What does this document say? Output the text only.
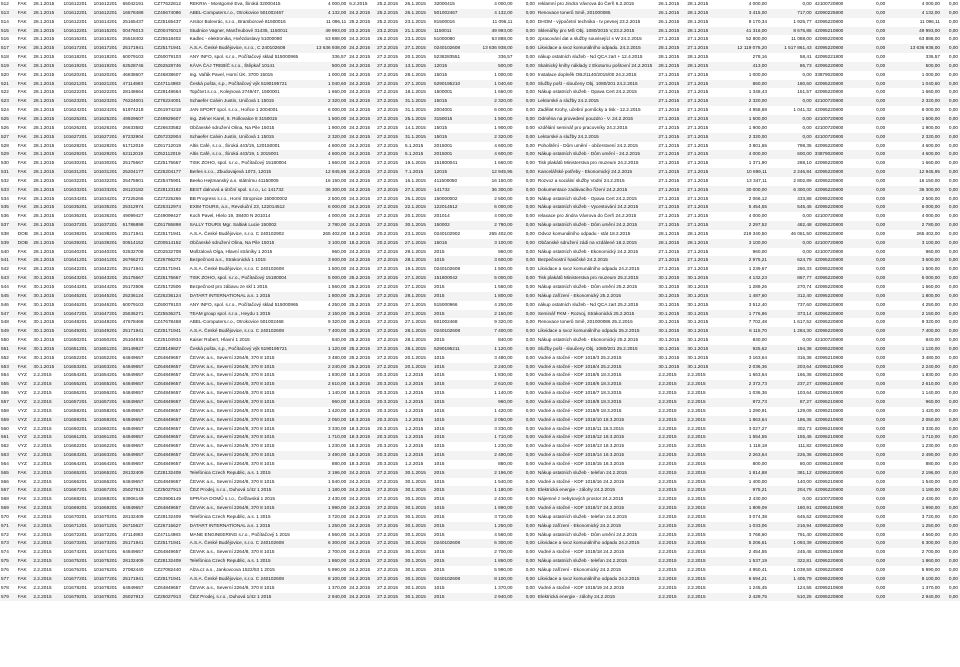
512	FAK	28.1.2015	101612201	101612201	65042191	CZ77622812	REKRIA - Montgomé Eva, Široká 32000415	4 000,00	6.2.2015	25.2.2015	26.1.2015	32000415	4 000,00	0,00	reklamní pro Jindra Vávrova do Čerň 6.2.2015	26.1.2015	28.1.2015	4 000,00	0,00	42100720800	0,00	4 000,00	0,00
513	FAK	28.1.2015	101612201	101612201	16578488	CZ45674086	ABEL-Computers.r.o., Otrokovice 501002467	4 132,00	24.2.2015	25.2.2015	26.1.2015	501002467	4 132,00	0,00	Renovace tonerů Smě, 201000085	26.1.2015	28.1.2015	3 415,00	717,00	42090225800	0,00	4 132,00	0,00
514	FAK	28.1.2015	101612201	101614201	25165437	CZ25165437	Arsitor Bolevrác, s.r.o., Bramborové 81500016	11 096,11	25.2.2015	25.2.2015	23.1.2015	81500016	11 096,11	0,00	DHOM - výpočetní technika - tv pevnej 23.2.2015	26.1.2015	28.1.2015	9 170,34	1 925,77	42095220800	0,00	11 096,11	0,00
515	FAK	28.1.2015	101612201	101615201	00476013	CZ00476013	Studnice Vagner, Manžnubové 31435, 1150011	49 993,00	23.2.2015	23.2.2015	21.1.2015	1150011	49 993,00	0,00	Sklenářky pro MŠ Obj. 1080/2015 V,23.2.2015	26.1.2015	28.1.2015	41 316,00	8 676,85	42095210800	0,00	49 993,00	0,00
516	FAK	28.1.2015	101616201	101616201	25518402	CZ25518402	Kadlec - elektronika, Hvězdoslavy 51000080	63 888,00	24.2.2015	26.2.2015	23.1.2015	51000080	63 888,00	0,00	zpracování dat a služby související s W 24.2.2015	27.1.2015	27.1.2015	52 800,00	11 088,00	42095220800	0,00	63 888,00	0,00
517	FAK	28.1.2015	101617201	101617201	25171941	CZ25171941	A.S.A. České Budějovice, s.r.o., C 240102608	13 636 938,00	24.2.2015	27.2.2015	27.1.2015	0240102608	13 636 938,00	0,00	Likvidace a svoz komunálního odpadu. 24.2.2015	28.1.2015	27.1.2015	12 119 076,20	1 517 861,43	42095220800	0,00	13 636 938,00	0,00
518	FAK	28.1.2015	101618201	101618201	60079103	CZ60079103	ANY INFO, spol. s.r.o., Počítačový sklad 515000965	336,57	24.2.2015	27.2.2015	20.1.2015	5238283551	336,57	0,00	nákup ostatních služeb - Nd QCA zart + 12.4.2015	28.1.2015	28.1.2015	278,16	58,41	42095221800	0,00	336,57	0,00
519	FAK	28.1.2015	101619201	101619201	62528746	CZ62528746	KÁVA ČAJ TREBÍČ s.r.o., Štěpkař 10141	500,00	24.2.2015	27.2.2015	13.1.2015	12015	500,00	0,00	Skalnický knihy náklady z Ekoturnu poštovní 24.2.2015	28.1.2015	28.1.2015	413,00	86,73	42095220800	0,00	500,00	0,00
520	FAK	28.1.2015	101620201	101620201	46838607	CZ46838607	Ing. Vařák Pavel, Horní ÚK. 3700 15015	1 000,00	24.2.2015	27.2.2015	28.1.2015	15015	1 000,00	0,00	Instalace doplněk OBJ/1140/2015/00 24.2.2015	27.1.2015	27.1.2015	1 000,00	0,00	33879020800	0,00	1 000,00	0,00
521	FAK	28.1.2015	101621201	101621201	47114983	CZ47114983	Česká pošta, s.p., Počítačový výk 5190195721	1 040,60	24.2.2015	27.2.2015	27.1.2015	5290195210	1 040,60	0,00	Služby pošt - sloučeny Obj. 1080/201 24.2.2015	27.1.2015	27.1.2015	860,00	180,60	42095220800	0,00	1 040,60	0,00
522	FAK	28.1.2015	101622201	101622201	28148664	CZ28148664	Topčtvrt.s.r.o., Kolejnova 2749/47, 1500001	1 660,00	24.2.2015	27.2.2015	18.1.2015	1500001	1 660,00	0,00	Nákup ostatních služeb - Opava Cert 24.2.2015	27.1.2015	27.1.2015	1 348,43	151,57	42095220800	0,00	1 660,00	0,00
523	FAK	28.1.2015	101623201	101623201	76224001	CZ76224001	Schaefer Calvin Justin, Uničová 1 15015	2 320,00	24.2.2015	27.2.2015	31.1.2015	15015	2 320,00	0,00	Lektorské a služby 24.2.2015	27.1.2015	27.1.2015	2 320,00	0,00	42100720800	0,00	2 320,00	0,00
524	FAK	28.1.2015	101624201	101624201	61974218	CZ61974218	JAN SPORT spol. s.r.o., Hořice 1 2004001	6 000,00	24.2.2015	27.2.2015	31.1.2015	2004001	6 000,00	0,00	Zadělat Krohy, učební pomůcky a tisk - 12.2.2015	27.1.2015	27.1.2015	4 958,68	1 041,32	42095220800	0,00	6 000,00	0,00
525	FAK	28.1.2015	101625201	101625201	49929607	CZ49929607	Ing. Zelner Karel, 8. Rollovalce 8 3150015	1 500,00	24.2.2015	27.2.2015	25.1.2015	3150015	1 500,00	0,00	Odměna na provedení pouzdro - V. 24.2.2015	27.1.2015	27.1.2015	1 500,00	0,00	42100720800	0,00	1 500,00	0,00
526	FAK	28.1.2015	101626201	101626201	26633582	CZ26633582	Občanské sdružení Olina, Na Pile 15015	1 900,00	24.2.2015	27.2.2015	14.1.2015	15015	1 900,00	0,00	vzdělání seminář pro pracovníky 24.2.2015	27.1.2015	27.1.2015	1 900,00	0,00	42100720800	0,00	1 900,00	0,00
527	FAK	28.1.2015	101627201	101627201	67232904	CZ67232904	Schaefer Calvin Justin, Uničová 1 15015	2 320,00	24.2.2015	27.2.2015	31.1.2015	15015	2 320,00	0,00	Lektorské a služby 24.2.2015	27.1.2015	27.1.2015	2 320,00	0,00	42100720800	0,00	2 320,00	0,00
528	FAK	28.1.2015	101628201	101628201	61712019	CZ61712019	Altis Café, s.r.o., Široká 443/19, 120150001	4 600,00	24.2.2015	27.2.2015	5.1.2015	2015001	4 600,00	0,00	Pohoštění - Dům umění - občerstvení 24.2.2015	27.1.2015	27.1.2015	3 801,65	798,35	42095220800	0,00	4 600,00	0,00
529	FAK	28.1.2015	101629201	101629201	62112019	CZ62112019	Altis Café, s.r.o., Široká 443/19, 1 2015001	4 600,00	24.2.2015	27.2.2015	5.1.2015	2015001	4 600,00	0,00	Nákup ostatních služeb - Dům umění - 24.2.2015	27.1.2015	27.1.2015	4 000,00	600,00	33879020800	0,00	4 600,00	0,00
530	FAK	28.1.2015	101630201	101630201	25175667	CZ25175667	TISK ZOHO, spol. s.r.o., Počítačový 15180004	1 660,00	24.2.2015	27.2.2015	19.1.2015	151800041	1 660,00	0,00	Tisk plakátů Ministerstva pro muzeum 24.2.2015	27.1.2015	27.1.2015	1 371,90	288,10	42095220800	0,00	1 660,00	0,00
531	FAK	28.1.2015	101631201	101631201	25204177	CZ25204177	Berles s.r.o., Zbudovajevá 1073, 12015	12 945,95	24.2.2015	27.2.2015	7.1.2015	12015	12 945,95	0,00	Kancelářské potřeby - Ekonomický 24.2.2015	27.1.2015	27.1.2015	10 699,11	2 246,84	42095220800	0,00	12 945,95	0,00
532	FAK	28.1.2015	101632201	101632201	25475901	CZ25475901	Beeko Hejtmanský a.s. státnímu 41150005	16 150,00	24.2.2015	27.2.2015	16.1.2015	411500050	16 150,00	0,00	Rozvoz a sociální služby Vodní 24.2.2015	27.1.2015	27.1.2015	13 347,11	2 802,89	42095220800	0,00	16 150,00	0,00
533	FAK	28.1.2015	101633201	101633201	28123182	CZ28123182	BEST dalnová a útrční spol. s.r.o., Lc 141732	36 300,00	24.2.2015	27.2.2015	27.1.2015	141732	36 300,00	0,00	Dokumentace zadávacího řízení 24.2.2015	27.1.2015	27.1.2015	30 000,00	6 300,00	42095220800	0,00	36 300,00	0,00
534	FAK	28.1.2015	101634201	101634201	27225266	CZ27225266	BB Progress s.r.o., Horní Stropnice 150000002	2 500,00	24.2.2015	27.2.2015	26.1.2015	150000002	2 500,00	0,00	Nákup ostatních služeb - Opava Cert 24.2.2015	27.1.2015	27.1.2015	2 066,12	433,88	42095220800	0,00	2 500,00	0,00
535	FAK	28.1.2015	101635201	101635201	25312974	CZ25312974	EXIM TOURS, a.s., Revoluční 23, 122014512	6 000,00	24.2.2015	27.2.2015	22.1.2015	122014512	6 000,00	0,00	Nákup ostatních služeb - Vycestování 24.2.2015	27.1.2015	27.1.2015	5 454,55	545,45	42095220800	0,00	6 000,00	0,00
536	FAK	28.1.2015	101636201	101636201	49099427	CZ49099427	Koch Pavel, Hlelo 19, 38400 N 201014	4 000,00	24.2.2015	27.2.2015	20.1.2015	201014	4 000,00	0,00	relaxace pro Jindra Vávrova do Čerň 24.2.2015	27.1.2015	27.1.2015	4 000,00	0,00	42100720800	0,00	4 000,00	0,00
537	FAK	28.1.2015	101637201	101637201	61786898	CZ61786898	SALLY TOURS Mgr. Saltiak Lucie 150002	2 780,00	24.2.2015	27.2.2015	30.1.2015	150002	2 780,00	0,00	Nákup ostatních služeb - Dům umění 24.2.2015	27.1.2015	27.1.2015	2 297,52	482,48	42095220800	0,00	2 780,00	0,00
538	DOB	28.1.2015	101638201	101638201	25171941	CZ25171941	A.S.A. České Budějovice, s.r.o. C 240102902	265 402,00	18.2.2015	20.2.2015	23.1.2015	0240102902	265 402,00	0,00	Odvoz komunálního odpadu - stát 18.2.2015	28.1.2015	28.1.2015	219 340,50	46 061,50	42095220800	0,00	265 402,00	0,00
539	DOB	28.1.2015	101639201	101639201	00514152	CZ00514152	Občanské sdružení Olina, Na Pile 15015	3 100,00	18.2.2015	20.2.2015	27.1.2015	15015	3 100,00	0,00	Občanské sdružení zádi na vzdálené 18.2.2015	28.1.2015	28.1.2015	3 100,00	0,00	42100720800	0,00	3 100,00	0,00
540	FAK	28.1.2015	101640201	101640201	02532708	CZ02532708	Mollzalová Olga, Hlavní stráníky 1 2015	960,00	24.2.2015	27.2.2015	29.1.2015	2015	960,00	0,00	Nákup ostatních služeb - Ekonomický 24.2.2015	27.1.2015	27.1.2015	960,00	0,00	42100720800	0,00	960,00	0,00
541	FAK	28.1.2015	101641201	101641201	26766272	CZ26766272	Bezpečnost a.s., Strakonická 1 1015	3 600,00	24.2.2015	27.2.2015	28.1.2015	1015	3 600,00	0,00	Bezpečnostní hasičské 24.2.2015	27.1.2015	27.1.2015	2 975,21	624,79	42095220800	0,00	3 600,00	0,00
542	FAK	28.1.2015	101642201	101642201	25171941	CZ25171941	A.S.A. České Budějovice, s.r.o. C 240102608	1 500,00	24.2.2015	27.2.2015	19.1.2015	0240102608	1 500,00	0,00	Likvidace a svoz komunálního odpadu 24.2.2015	27.1.2015	27.1.2015	1 239,67	260,33	42095220800	0,00	1 500,00	0,00
543	FAK	30.1.2015	101643201	101643201	25175667	CZ25175667	TISK ZOHO, spol. s.r.o., Počítačový 15180004	5 000,00	25.2.2015	27.2.2015	27.1.2015	151800042	5 000,00	0,00	Tisk plakátů Ministerstva pro muzeum 25.2.2015	30.1.2015	30.1.2015	4 132,23	867,77	42095220800	0,00	5 000,00	0,00
544	FAK	30.1.2015	101644201	101644201	25172506	CZ25172506	Bezpečnost pro zábavu ze skl 1 2015	1 560,00	25.2.2015	27.2.2015	27.1.2015	2015	1 560,00	0,00	Nákup ostatních služeb - Dům umění 25.2.2015	30.1.2015	30.1.2015	1 289,26	270,74	42095220800	0,00	1 560,00	0,00
545	FAK	30.1.2015	101645201	101645201	25236124	CZ25236124	DATART INTERNATIONAL a.s. 1 2015	1 800,00	25.2.2015	27.2.2015	28.1.2015	2015	1 800,00	0,00	Nákup zařízení - Ekonomický 25.2.2015	30.1.2015	30.1.2015	1 487,60	312,40	42095220800	0,00	1 800,00	0,00
546	FAK	30.1.2015	101646201	101646201	60079103	CZ60079103	ANY INFO, spol. s.r.o., Počítačový sklad 515000965	4 250,00	25.2.2015	27.2.2015	27.1.2015	515000966	4 250,00	0,00	nákup ostatních služeb - Nd QCA zart 25.2.2015	30.1.2015	30.1.2015	3 512,40	737,60	42095220800	0,00	4 250,00	0,00
547	FAK	30.1.2015	101647201	101647201	25536271	CZ25536271	TEAM group spol. s.r.o., Heydu 1 2015	2 150,00	25.2.2015	27.2.2015	27.1.2015	2015	2 150,00	0,00	Seminář FKM - Rozvoj, Strakonická 25.2.2015	30.1.2015	30.1.2015	1 776,86	373,14	42095220800	0,00	2 150,00	0,00
548	FAK	30.1.2015	101648201	101648201	47678468	CZ47678468	ABEL-Computers.r.o., Otrokovice 501002468	9 320,00	25.2.2015	27.2.2015	27.1.2015	501002468	9 320,00	0,00	Renovace tonerů Smě, 201000086 25.2.2015	30.1.2015	30.1.2015	7 702,48	1 617,52	42095220800	0,00	9 320,00	0,00
549	FAK	30.1.2015	101649201	101649201	25171941	CZ25171941	A.S.A. České Budějovice, s.r.o. C 240102608	7 400,00	25.2.2015	27.2.2015	28.1.2015	0240102608	7 400,00	0,00	Likvidace a svoz komunálního odpadu 25.2.2015	30.1.2015	30.1.2015	6 115,70	1 284,30	42095220800	0,00	7 400,00	0,00
550	FAK	30.1.2015	101650201	101650201	25104934	CZ25104934	Kaiser Robert, Hlavní 1 2015	840,00	25.2.2015	27.2.2015	28.1.2015	2015	840,00	0,00	Nákup ostatních služeb - Ekonomický 25.2.2015	30.1.2015	30.1.2015	840,00	0,00	42100720800	0,00	840,00	0,00
551	FAK	30.1.2015	101651201	101651201	28149827	CZ28149827	Česká pošta, s.p., Počítačový výk 5190195721	1 120,00	25.2.2015	27.2.2015	28.1.2015	5290195211	1 120,00	0,00	Služby pošt - sloučeny Obj. 1080/201 25.2.2015	30.1.2015	30.1.2015	925,62	194,38	42095220800	0,00	1 120,00	0,00
552	FAK	30.1.2015	101652201	101652201	64849657	CZ64849657	ČEVAK a.s., Severní 2264/8, 370 8 1015	3 480,00	25.2.2015	27.2.2015	20.1.2015	1015	3 480,00	0,00	Vodné a stočné - KDF 1018/3 25.2.2015	30.1.2015	30.1.2015	3 163,64	316,36	42095210800	0,00	3 480,00	0,00
553	FAK	30.1.2015	101653201	101653201	64849657	CZ64849657	ČEVAK a.s., Severní 2264/8, 370 8 1015	2 240,00	25.2.2015	27.2.2015	20.1.2015	1015	2 240,00	0,00	Vodné a stočné - KDF 1018/4 25.2.2015	30.1.2015	30.1.2015	2 036,36	203,64	42095210800	0,00	2 240,00	0,00
554	VYZ	2.2.2015	101654201	101654201	64849657	CZ64849657	ČEVAK a.s., Severní 2264/8, 370 8 1015	1 830,00	18.3.2015	20.3.2015	1.2.2015	1015	1 830,00	0,00	Vodné a stočné - KDF 1018/5 18.3.2015	2.2.2015	2.2.2015	1 663,64	166,36	42095210800	0,00	1 830,00	0,00
555	VYZ	2.2.2015	101655201	101655201	64849657	CZ64849657	ČEVAK a.s., Severní 2264/8, 370 8 1015	2 610,00	18.3.2015	20.3.2015	1.2.2015	1015	2 610,00	0,00	Vodné a stočné - KDF 1018/6 18.3.2015	2.2.2015	2.2.2015	2 372,73	237,27	42095210800	0,00	2 610,00	0,00
556	VYZ	2.2.2015	101656201	101656201	64849657	CZ64849657	ČEVAK a.s., Severní 2264/8, 370 8 1015	1 140,00	18.3.2015	20.3.2015	1.2.2015	1015	1 140,00	0,00	Vodné a stočné - KDF 1018/7 18.3.2015	2.2.2015	2.2.2015	1 036,36	103,64	42095210800	0,00	1 140,00	0,00
557	VYZ	2.2.2015	101657201	101657201	64849657	CZ64849657	ČEVAK a.s., Severní 2264/8, 370 8 1015	960,00	18.3.2015	20.3.2015	1.2.2015	1015	960,00	0,00	Vodné a stočné - KDF 1018/8 18.3.2015	2.2.2015	2.2.2015	872,73	87,27	42095210800	0,00	960,00	0,00
558	VYZ	2.2.2015	101658201	101658201	64849657	CZ64849657	ČEVAK a.s., Severní 2264/8, 370 8 1015	1 420,00	18.3.2015	20.3.2015	1.2.2015	1015	1 420,00	0,00	Vodné a stočné - KDF 1018/9 18.3.2015	2.2.2015	2.2.2015	1 290,91	129,09	42095210800	0,00	1 420,00	0,00
559	VYZ	2.2.2015	101659201	101659201	64849657	CZ64849657	ČEVAK a.s., Severní 2264/8, 370 8 1015	2 050,00	18.3.2015	20.3.2015	1.2.2015	1015	2 050,00	0,00	Vodné a stočné - KDF 1018/10 18.3.2015	2.2.2015	2.2.2015	1 863,64	186,36	42095210800	0,00	2 050,00	0,00
560	VYZ	2.2.2015	101660201	101660201	64849657	CZ64849657	ČEVAK a.s., Severní 2264/8, 370 8 1015	3 330,00	18.3.2015	20.3.2015	1.2.2015	1015	3 330,00	0,00	Vodné a stočné - KDF 1018/11 18.3.2015	2.2.2015	2.2.2015	3 027,27	302,73	42095210800	0,00	3 330,00	0,00
561	VYZ	2.2.2015	101661201	101661201	64849657	CZ64849657	ČEVAK a.s., Severní 2264/8, 370 8 1015	1 710,00	18.3.2015	20.3.2015	1.2.2015	1015	1 710,00	0,00	Vodné a stočné - KDF 1018/12 18.3.2015	2.2.2015	2.2.2015	1 554,55	155,45	42095210800	0,00	1 710,00	0,00
562	VYZ	2.2.2015	101662201	101662201	64849657	CZ64849657	ČEVAK a.s., Severní 2264/8, 370 8 1015	1 230,00	18.3.2015	20.3.2015	1.2.2015	1015	1 230,00	0,00	Vodné a stočné - KDF 1018/13 18.3.2015	2.2.2015	2.2.2015	1 118,18	111,82	42095210800	0,00	1 230,00	0,00
563	VYZ	2.2.2015	101663201	101663201	64849657	CZ64849657	ČEVAK a.s., Severní 2264/8, 370 8 1015	2 490,00	18.3.2015	20.3.2015	1.2.2015	1015	2 490,00	0,00	Vodné a stočné - KDF 1018/14 18.3.2015	2.2.2015	2.2.2015	2 263,64	226,36	42095210800	0,00	2 490,00	0,00
564	VYZ	2.2.2015	101664201	101664201	64849657	CZ64849657	ČEVAK a.s., Severní 2264/8, 370 8 1015	880,00	18.3.2015	20.3.2015	1.2.2015	1015	880,00	0,00	Vodné a stočné - KDF 1018/15 18.3.2015	2.2.2015	2.2.2015	800,00	80,00	42095210800	0,00	880,00	0,00
565	FAK	2.2.2015	101665201	101665201	28132409	CZ28132409	Telefónica Czech Republic, a.s. 1 2015	2 196,00	24.2.2015	27.2.2015	30.1.2015	2015	2 196,00	0,00	Nákup ostatních služeb - telefon 24.2.2015	2.2.2015	2.2.2015	1 814,88	381,12	42095220800	0,00	2 196,00	0,00
566	FAK	2.2.2015	101666201	101666201	64849657	CZ64849657	ČEVAK a.s., Severní 2264/8, 370 8 1015	1 540,00	24.2.2015	27.2.2015	30.1.2015	1015	1 540,00	0,00	Vodné a stočné - KDF 1018/16 24.2.2015	2.2.2015	2.2.2015	1 400,00	140,00	42095210800	0,00	1 540,00	0,00
567	FAK	2.2.2015	101667201	101667201	25027913	CZ25027913	ČEZ Prodej, s.r.o., Duhová 1/42 1 2015	1 180,00	24.2.2015	27.2.2015	30.1.2015	2015	1 180,00	0,00	Elektrická energie - zálohy 24.2.2015	2.2.2015	2.2.2015	975,21	204,79	42095220800	0,00	1 180,00	0,00
568	FAK	2.2.2015	101668201	101668201	63906149	CZ63906149	SPRÁVA DOMŮ s.r.o., Čelžavská 1 2015	2 430,00	24.2.2015	27.2.2015	30.1.2015	2015	2 430,00	0,00	Nájemné z nebytových prostor 24.2.2015	2.2.2015	2.2.2015	2 430,00	0,00	42100720800	0,00	2 430,00	0,00
569	FAK	2.2.2015	101669201	101669201	64849657	CZ64849657	ČEVAK a.s., Severní 2264/8, 370 8 1015	1 990,00	24.2.2015	27.2.2015	30.1.2015	1015	1 990,00	0,00	Vodné a stočné - KDF 1018/17 24.2.2015	2.2.2015	2.2.2015	1 809,09	180,91	42095210800	0,00	1 990,00	0,00
570	FAK	2.2.2015	101670201	101670201	28132409	CZ28132409	Telefónica Czech Republic, a.s. 1 2015	3 720,00	24.2.2015	27.2.2015	30.1.2015	2015	3 720,00	0,00	Nákup ostatních služeb - telefon 24.2.2015	2.2.2015	2.2.2015	3 074,38	645,62	42095220800	0,00	3 720,00	0,00
571	FAK	2.2.2015	101671201	101671201	26715627	CZ26715627	DATART INTERNATIONAL a.s. 1 2015	1 250,00	24.2.2015	27.2.2015	30.1.2015	2015	1 250,00	0,00	Nákup zařízení - Ekonomický 24.2.2015	2.2.2015	2.2.2015	1 033,06	216,94	42095220800	0,00	1 250,00	0,00
572	FAK	2.2.2015	101672201	101672201	47114983	CZ47114983	MANE ENGINEERING s.r.o., Počítačový 1 2015	4 560,00	24.2.2015	27.2.2015	30.1.2015	2015	4 560,00	0,00	Nákup ostatních služeb - Dům umění 24.2.2015	2.2.2015	2.2.2015	3 768,60	791,40	42095220800	0,00	4 560,00	0,00
573	FAK	2.2.2015	101673201	101673201	25171941	CZ25171941	A.S.A. České Budějovice, s.r.o. C 240102608	6 300,00	24.2.2015	27.2.2015	30.1.2015	0240102608	6 300,00	0,00	Likvidace a svoz komunálního odpadu 24.2.2015	2.2.2015	2.2.2015	5 206,61	1 093,39	42095220800	0,00	6 300,00	0,00
574	FAK	2.2.2015	101674201	101674201	64849657	CZ64849657	ČEVAK a.s., Severní 2264/8, 370 8 1015	2 700,00	24.2.2015	27.2.2015	30.1.2015	1015	2 700,00	0,00	Vodné a stočné - KDF 1018/18 24.2.2015	2.2.2015	2.2.2015	2 454,55	245,45	42095210800	0,00	2 700,00	0,00
575	FAK	2.2.2015	101675201	101675201	28132409	CZ28132409	Telefónica Czech Republic, a.s. 1 2015	1 860,00	24.2.2015	27.2.2015	30.1.2015	2015	1 860,00	0,00	Nákup ostatních služeb - telefon 24.2.2015	2.2.2015	2.2.2015	1 537,19	322,81	42095220800	0,00	1 860,00	0,00
576	FAK	2.2.2015	101676201	101676201	27082440	CZ27082440	Alza.cz a.s., Jankovcova 1522/53 1 2015	5 990,00	24.2.2015	27.2.2015	30.1.2015	2015	5 990,00	0,00	Nákup zařízení - Ekonomický 24.2.2015	2.2.2015	2.2.2015	4 950,41	1 039,59	42095220800	0,00	5 990,00	0,00
577	FAK	2.2.2015	101677201	101677201	25171941	CZ25171941	A.S.A. České Budějovice, s.r.o. C 240102608	8 100,00	24.2.2015	27.2.2015	30.1.2015	0240102608	8 100,00	0,00	Likvidace a svoz komunálního odpadu 24.2.2015	2.2.2015	2.2.2015	6 694,21	1 405,79	42095220800	0,00	8 100,00	0,00
578	FAK	2.2.2015	101678201	101678201	64849657	CZ64849657	ČEVAK a.s., Severní 2264/8, 370 8 1015	1 370,00	24.2.2015	27.2.2015	30.1.2015	1015	1 370,00	0,00	Vodné a stočné - KDF 1018/19 24.2.2015	2.2.2015	2.2.2015	1 245,45	124,55	42095210800	0,00	1 370,00	0,00
579	FAK	2.2.2015	101679201	101679201	25027913	CZ25027913	ČEZ Prodej, s.r.o., Duhová 1/42 1 2015	2 940,00	24.2.2015	27.2.2015	30.1.2015	2015	2 940,00	0,00	Elektrická energie - zálohy 24.2.2015	2.2.2015	2.2.2015	2 429,75	510,25	42095220800	0,00	2 940,00	0,00
